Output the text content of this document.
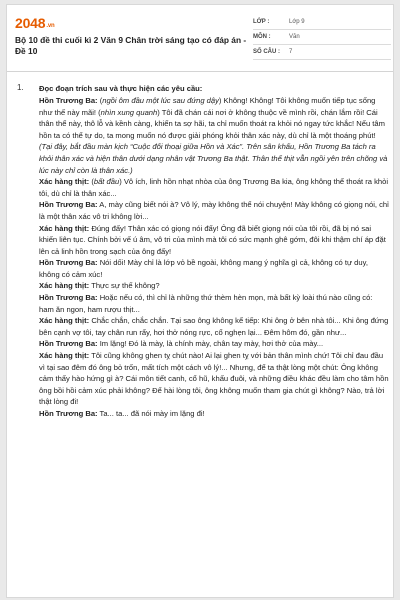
2048.vn
Bộ 10 đề thi cuối kì 2 Văn 9 Chân trời sáng tạo có đáp án - Đề 10
LỚP :	Lớp 9
MÔN :	Văn
SỐ CÂU :	7
1. Đọc đoạn trích sau và thực hiện các yêu cầu:

Hồn Trương Ba: (ngồi ôm đầu một lúc sau đứng dậy) Không! Không! Tôi không muốn tiếp tục sống như thế này mãi! (nhìn xung quanh) Tôi đã chán cái nơi ở không thuộc về mình rồi, chán lắm rồi! Cái thân thể này, thô lỗ và kềnh càng, khiến ta sợ hãi, ta chỉ muốn thoát ra khỏi nó ngay tức khắc! Nếu tâm hồn ta có thể tự do, ta mong muốn nó được giải phóng khỏi thân xác này, dù chỉ là một thoáng phút!

(Tại đây, bắt đầu màn kịch “Cuộc đối thoại giữa Hồn và Xác”. Trên sân khấu, Hồn Trương Ba tách ra khỏi thân xác và hiện thân dưới dạng nhân vật Trương Ba thật. Thân thể thịt vẫn ngồi yên trên chõng và lúc này chỉ còn là thân xác.)

Xác hàng thịt: (bất đầu) Vô ích, linh hồn nhạt nhòa của ông Trương Ba kia, ông không thể thoát ra khỏi tôi, dù chỉ là thân xác...

Hồn Trương Ba: A, mày cũng biết nói à? Vô lý, mày không thể nói chuyện! Mày không có giọng nói, chỉ là một thân xác vô tri không lời...

Xác hàng thịt: Đúng đấy! Thân xác có giọng nói đấy! Ông đã biết giọng nói của tôi rồi, đã bị nó sai khiến liên tục. Chính bởi vế ú âm, vô tri của mình mà tôi có sức mạnh ghê gớm, đôi khi thậm chí áp đặt lên cả linh hồn trong sạch của ông đấy!

Hồn Trương Ba: Nói dối! Mày chỉ là lớp vỏ bề ngoài, không mang ý nghĩa gì cả, không có tự duy, không có cảm xúc!

Xác hàng thịt: Thực sự thế không?

Hồn Trương Ba: Hoặc nếu có, thì chỉ là những thứ thèm hèn mọn, mà bất kỳ loài thú nào cũng có: ham ăn ngon, ham rượu thịt...

Xác hàng thịt: Chắc chắn, chắc chắn. Tại sao ông không kể tiếp: Khi ông ở bên nhà tôi... Khi ông đứng bên cạnh vợ tôi, tay chân run rẩy, hơi thở nóng rực, cổ nghẹn lại... Đêm hôm đó, gần như...

Hồn Trương Ba: Im lặng! Đó là mày, là chính mày, chân tay mày, hơi thở của mày...

Xác hàng thịt: Tôi cũng không ghen tỵ chút nào! Ai lại ghen tỵ với bản thân mình chứ! Tôi chỉ đau đầu vì tại sao đêm đó ông bỏ trốn, mất tích một cách vô lý!... Nhưng, để ta thật lòng một chút: Ông không cảm thấy hào hứng gì à? Cái môn tiết canh, cổ hũ, khấu đuôi, và những điều khác đều làm cho tâm hồn ông bồi hồi cảm xúc phải không? Để hài lòng tôi, ông không muốn tham gia chút gì không? Nào, trả lời thật lòng đi!

Hồn Trương Ba: Ta... ta... đã nói mày im lặng đi!
